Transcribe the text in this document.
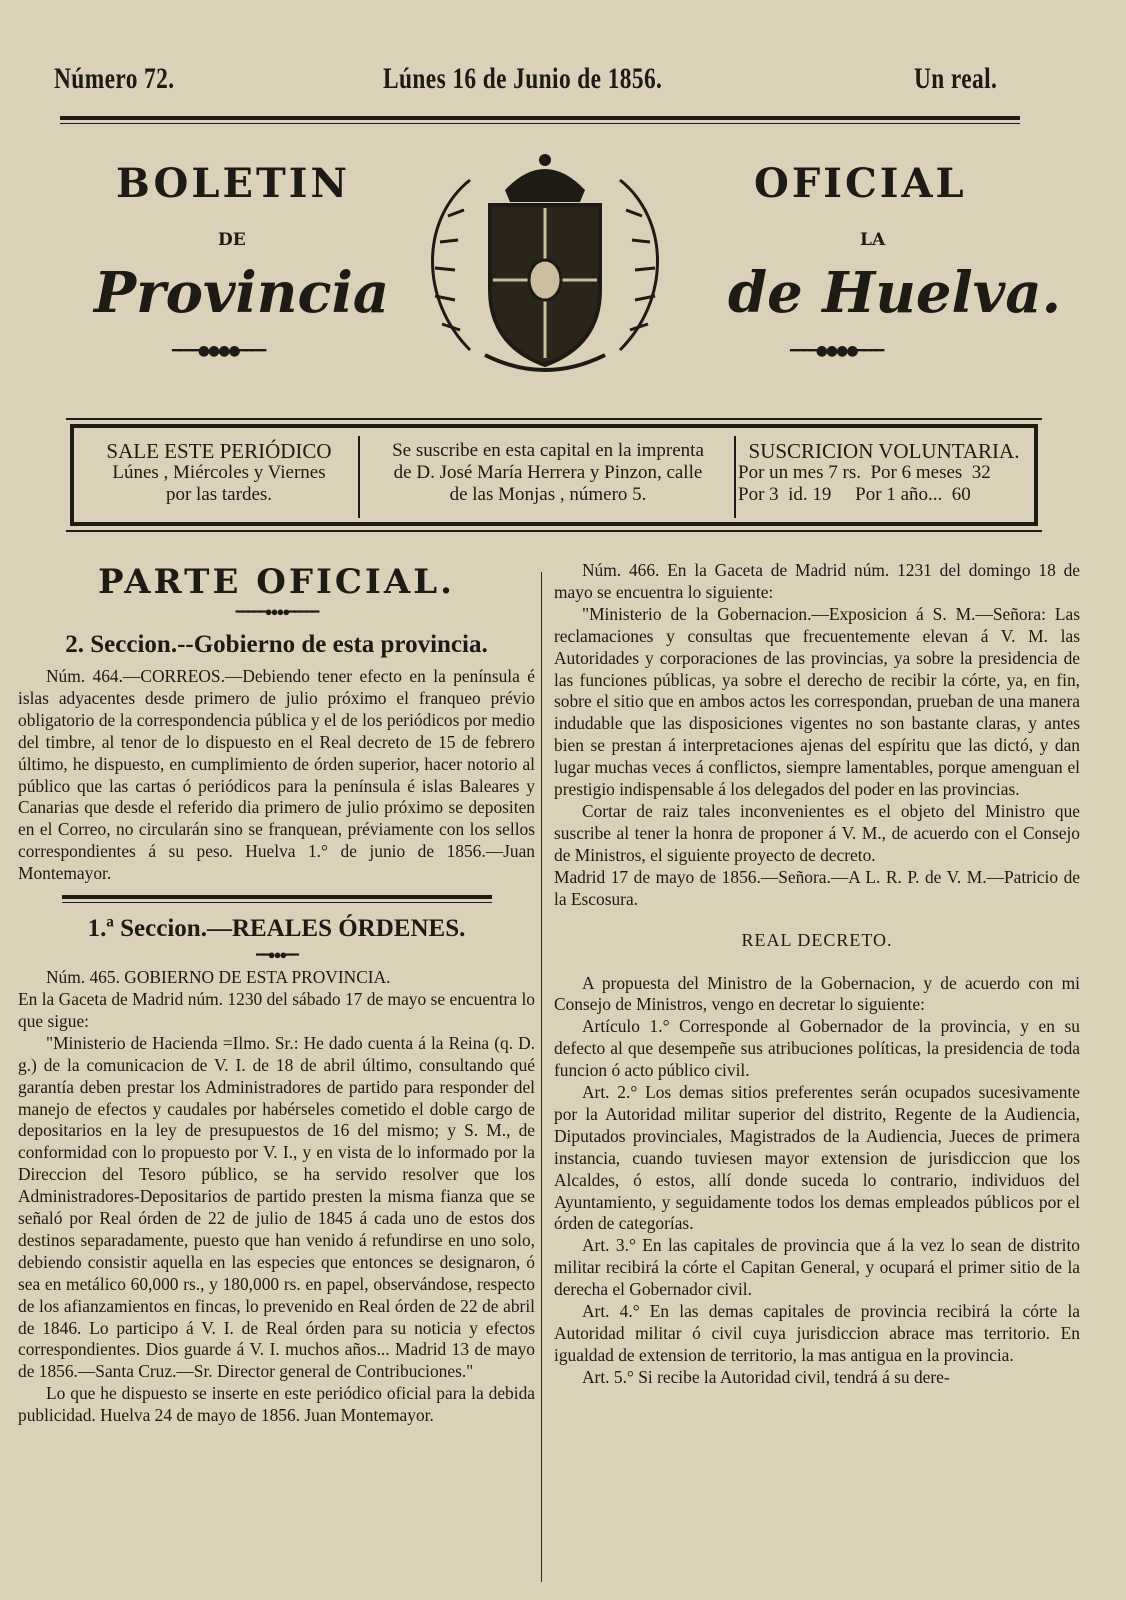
Número 72.	Lúnes 16 de Junio de 1856.	Un real.
BOLETIN	OFICIAL
DE	LA
Provincia	de Huelva.
━━━━●●●●━━━━	━━━━●●●●━━━━
SALE ESTE PERIÓDICO
Lúnes , Miércoles y Viernes
por las tardes.
Se suscribe en esta capital en la imprenta
de D. José María Herrera y Pinzon, calle
de las Monjas , número 5.
SUSCRICION VOLUNTARIA.
Por un mes 7 rs.  Por 6 meses  32
Por 3  id. 19     Por 1 año...  60
PARTE OFICIAL.
━━━━━●●●●━━━━━
2. Seccion.--Gobierno de esta provincia.

Núm. 464.—CORREOS.—Debiendo tener efecto en la península é islas adyacentes desde primero de julio próximo el franqueo prévio obligatorio de la correspondencia pública y el de los periódicos por medio del timbre, al tenor de lo dispuesto en el Real decreto de 15 de febrero último, he dispuesto, en cumplimiento de órden superior, hacer notorio al público que las cartas ó periódicos para la península é islas Baleares y Canarias que desde el referido dia primero de julio próximo se depositen en el Correo, no circularán sino se franquean, préviamente con los sellos correspondientes á su peso. Huelva 1.° de junio de 1856.—Juan Montemayor.

1.ª Seccion.—REALES ÓRDENES.
━━●●●━━

Núm. 465. GOBIERNO DE ESTA PROVINCIA.

En la Gaceta de Madrid núm. 1230 del sábado 17 de mayo se encuentra lo que sigue:

"Ministerio de Hacienda =Ilmo. Sr.: He dado cuenta á la Reina (q. D. g.) de la comunicacion de V. I. de 18 de abril último, consultando qué garantía deben prestar los Administradores de partido para responder del manejo de efectos y caudales por habérseles cometido el doble cargo de depositarios en la ley de presupuestos de 16 del mismo; y S. M., de conformidad con lo propuesto por V. I., y en vista de lo informado por la Direccion del Tesoro público, se ha servido resolver que los Administradores-Depositarios de partido presten la misma fianza que se señaló por Real órden de 22 de julio de 1845 á cada uno de estos dos destinos separadamente, puesto que han venido á refundirse en uno solo, debiendo consistir aquella en las especies que entonces se designaron, ó sea en metálico 60,000 rs., y 180,000 rs. en papel, observándose, respecto de los afianzamientos en fincas, lo prevenido en Real órden de 22 de abril de 1846. Lo participo á V. I. de Real órden para su noticia y efectos correspondientes. Dios guarde á V. I. muchos años... Madrid 13 de mayo de 1856.—Santa Cruz.—Sr. Director general de Contribuciones."

Lo que he dispuesto se inserte en este periódico oficial para la debida publicidad. Huelva 24 de mayo de 1856. Juan Montemayor.

Núm. 466. En la Gaceta de Madrid núm. 1231 del domingo 18 de mayo se encuentra lo siguiente:

"Ministerio de la Gobernacion.—Exposicion á S. M.—Señora: Las reclamaciones y consultas que frecuentemente elevan á V. M. las Autoridades y corporaciones de las provincias, ya sobre la presidencia de las funciones públicas, ya sobre el derecho de recibir la córte, ya, en fin, sobre el sitio que en ambos actos les correspondan, prueban de una manera indudable que las disposiciones vigentes no son bastante claras, y antes bien se prestan á interpretaciones ajenas del espíritu que las dictó, y dan lugar muchas veces á conflictos, siempre lamentables, porque amenguan el prestigio indispensable á los delegados del poder en las provincias.

Cortar de raiz tales inconvenientes es el objeto del Ministro que suscribe al tener la honra de proponer á V. M., de acuerdo con el Consejo de Ministros, el siguiente proyecto de decreto.

Madrid 17 de mayo de 1856.—Señora.—A L. R. P. de V. M.—Patricio de la Escosura.

REAL DECRETO.

A propuesta del Ministro de la Gobernacion, y de acuerdo con mi Consejo de Ministros, vengo en decretar lo siguiente:

Artículo 1.° Corresponde al Gobernador de la provincia, y en su defecto al que desempeñe sus atribuciones políticas, la presidencia de toda funcion ó acto público civil.

Art. 2.° Los demas sitios preferentes serán ocupados sucesivamente por la Autoridad militar superior del distrito, Regente de la Audiencia, Diputados provinciales, Magistrados de la Audiencia, Jueces de primera instancia, cuando tuviesen mayor extension de jurisdiccion que los Alcaldes, ó estos, allí donde suceda lo contrario, individuos del Ayuntamiento, y seguidamente todos los demas empleados públicos por el órden de categorías.

Art. 3.° En las capitales de provincia que á la vez lo sean de distrito militar recibirá la córte el Capitan General, y ocupará el primer sitio de la derecha el Gobernador civil.

Art. 4.° En las demas capitales de provincia recibirá la córte la Autoridad militar ó civil cuya jurisdiccion abrace mas territorio. En igualdad de extension de territorio, la mas antigua en la provincia.

Art. 5.° Si recibe la Autoridad civil, tendrá á su dere-
